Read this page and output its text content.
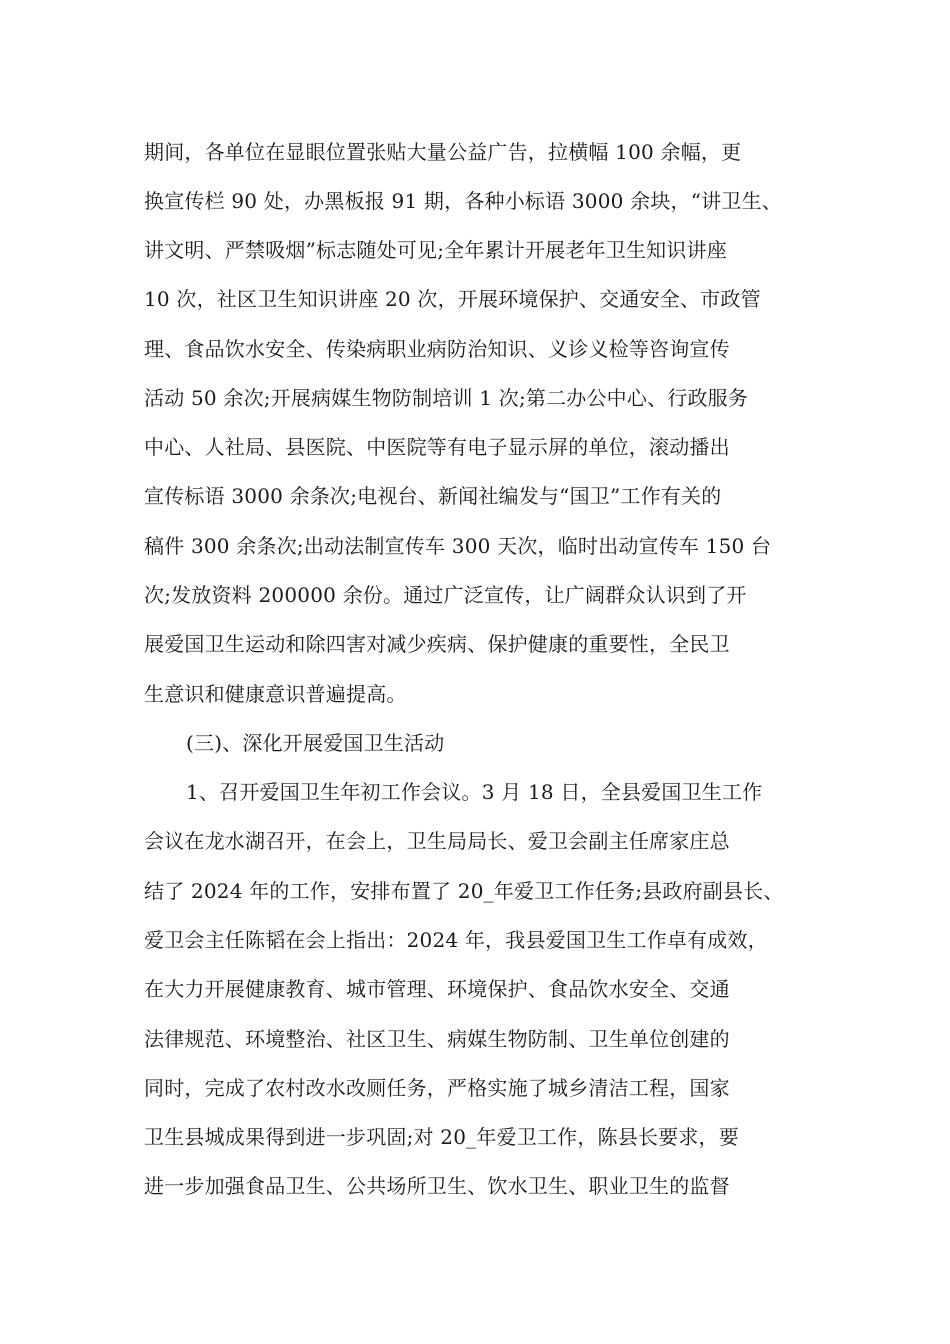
期间，各单位在显眼位置张贴大量公益广告，拉横幅 100 余幅，更
换宣传栏 90 处，办黑板报 91 期，各种小标语 3000 余块，“讲卫生、
讲文明、严禁吸烟”标志随处可见;全年累计开展老年卫生知识讲座
10 次，社区卫生知识讲座 20 次，开展环境保护、交通安全、市政管
理、食品饮水安全、传染病职业病防治知识、义诊义检等咨询宣传
活动 50 余次;开展病媒生物防制培训 1 次;第二办公中心、行政服务
中心、人社局、县医院、中医院等有电子显示屏的单位，滚动播出
宣传标语 3000 余条次;电视台、新闻社编发与“国卫”工作有关的
稿件 300 余条次;出动法制宣传车 300 天次，临时出动宣传车 150 台
次;发放资料 200000 余份。通过广泛宣传，让广阔群众认识到了开
展爱国卫生运动和除四害对减少疾病、保护健康的重要性，全民卫
生意识和健康意识普遍提高。
(三)、深化开展爱国卫生活动
1、召开爱国卫生年初工作会议。3 月 18 日，全县爱国卫生工作
会议在龙水湖召开，在会上，卫生局局长、爱卫会副主任席家庄总
结了 2024 年的工作，安排布置了 20_年爱卫工作任务;县政府副县长、
爱卫会主任陈韬在会上指出：2024 年，我县爱国卫生工作卓有成效，
在大力开展健康教育、城市管理、环境保护、食品饮水安全、交通
法律规范、环境整治、社区卫生、病媒生物防制、卫生单位创建的
同时，完成了农村改水改厕任务，严格实施了城乡清洁工程，国家
卫生县城成果得到进一步巩固;对 20_年爱卫工作，陈县长要求，要
进一步加强食品卫生、公共场所卫生、饮水卫生、职业卫生的监督
